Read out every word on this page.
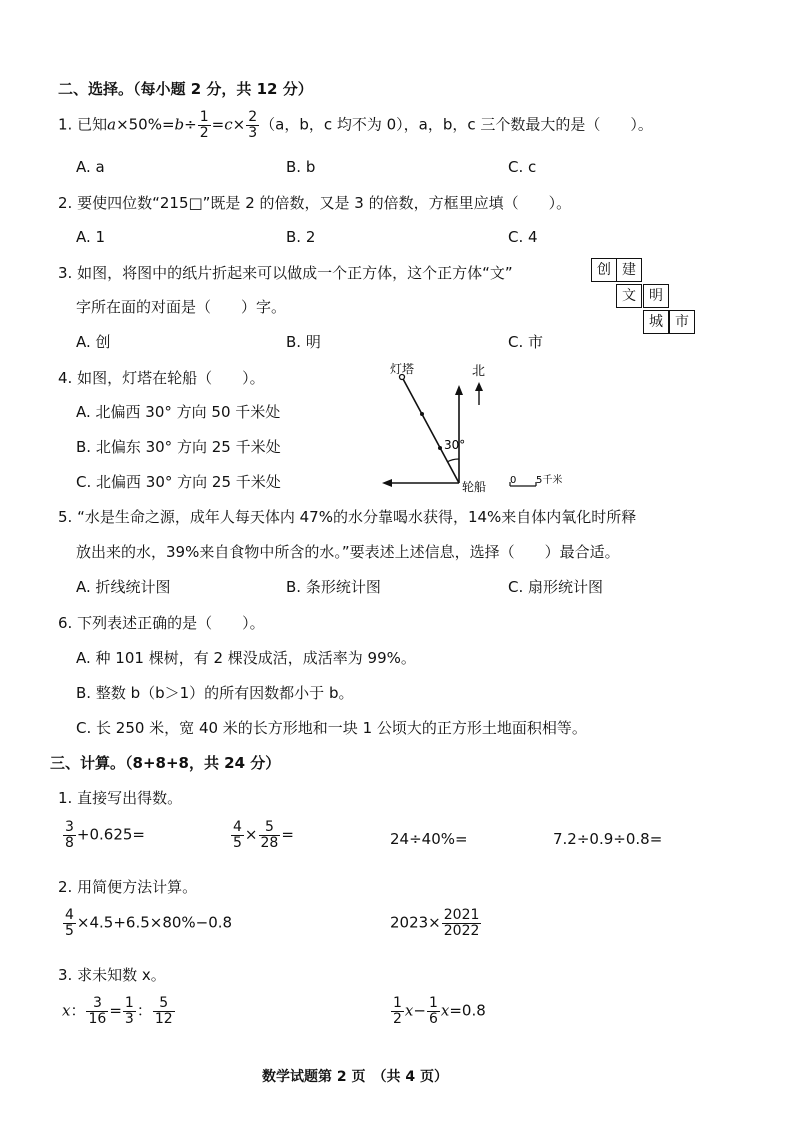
二、选择。（每小题 2 分，共 12 分）
1. 已知$a\times 50\%=b\div \frac{1}{2} =c\times \frac{2}{3} (a$，b，c 均不为 0），a，b，c 三个数最大的是（　　）。
A. a	B. b	C. c
2. 要使四位数“215□”既是 2 的倍数，又是 3 的倍数，方框里应填（　　）。
A. 1	B. 2	C. 4
3. 如图，将图中的纸片折起来可以做成一个正方体，这个正方体“文”
字所在面的对面是（　　）字。
A. 创	B. 明	C. 市
创 建
文 明
城 市
4. 如图，灯塔在轮船（　　）。
A. 北偏西 30° 方向 50 千米处
B. 北偏东 30° 方向 25 千米处
C. 北偏西 30° 方向 25 千米处
30°
灯塔	北
轮船 0 5千米
5. “水是生命之源，成年人每天体内 47%的水分靠喝水获得，14%来自体内氧化时所释
放出来的水，39%来自食物中所含的水。”要表述上述信息，选择（　　）最合适。
A. 折线统计图	B. 条形统计图	C. 扇形统计图
6. 下列表述正确的是（　　）。
A. 种 101 棵树，有 2 棵没成活，成活率为 99%。
B. 整数 b（b＞1）的所有因数都小于 b。
C. 长 250 米，宽 40 米的长方形地和一块 1 公顷大的正方形土地面积相等。
三、计算。（8+8+8，共 24 分）
1. 直接写出得数。
$\frac{3}{8} +0.625=$	$\frac{4}{5} \times \frac{5}{28}$ =	24÷40%=	7.2÷0.9÷0.8=
2. 用简便方法计算。
$\frac{4}{5} \times 4.5+6.5\times 80\%-0.8$	$2023\times \frac{2021}{2022}$
3. 求未知数 x。
x： $\frac{3}{16} = \frac{1}{3}$ ： $\frac{5}{12}$	$\frac{1}{2} x- \frac{1}{6} x=0.8$
数学试题第 2 页　（共 4 页）
